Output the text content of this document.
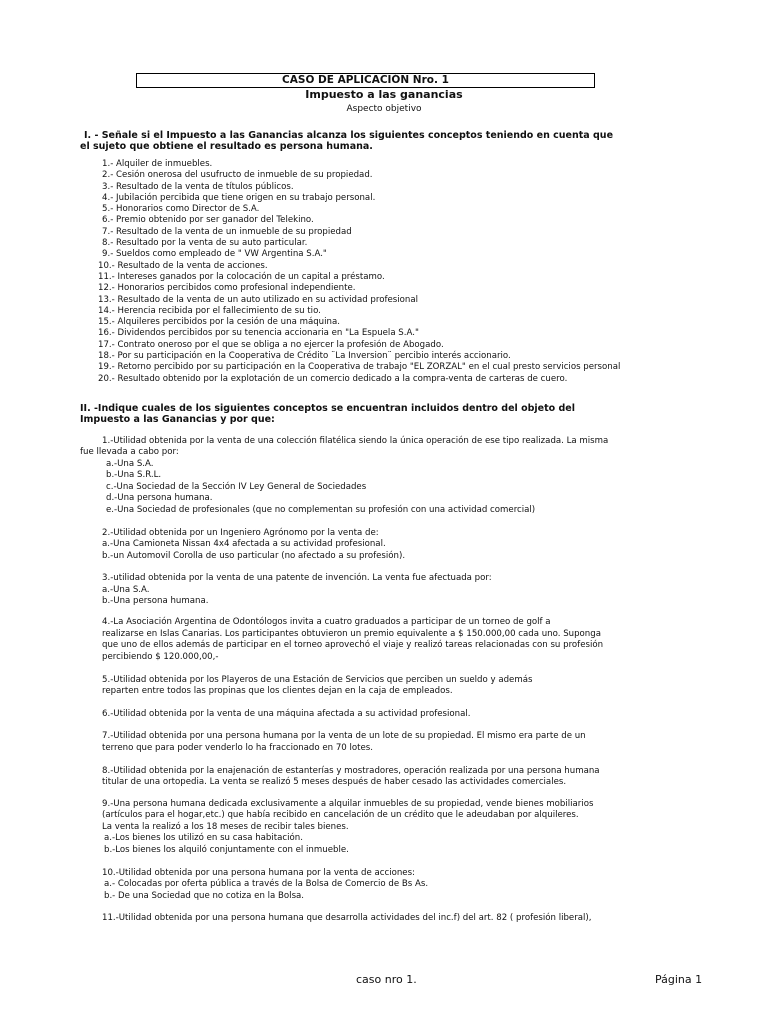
CASO DE APLICACIÓN Nro. 1
Impuesto a las ganancias
Aspecto objetivo
I. - Señale si el Impuesto a las Ganancias alcanza los siguientes conceptos teniendo en cuenta que
el sujeto que obtiene el resultado es persona humana.
1.- Alquiler de inmuebles.
2.- Cesión onerosa del usufructo de inmueble de su propiedad.
3.- Resultado de la venta de títulos públicos.
4.- Jubilación percibida que tiene origen en su trabajo personal.
5.- Honorarios como Director de S.A.
6.- Premio obtenido por ser ganador del Telekino.
7.- Resultado de la venta de un inmueble de su propiedad
8.- Resultado por la venta de su auto particular.
9.- Sueldos como empleado de " VW Argentina S.A."
10.- Resultado de la venta de acciones.
11.- Intereses ganados por la colocación de un capital a préstamo.
12.- Honorarios percibidos como profesional independiente.
13.- Resultado de la venta de un auto utilizado en su actividad profesional
14.- Herencia recibida por el fallecimiento de su tio.
15.- Alquileres percibidos por la cesión de una máquina.
16.- Dividendos percibidos por su tenencia accionaria en "La Espuela S.A."
17.- Contrato oneroso por el que se obliga a no ejercer la profesión de Abogado.
18.- Por su participación en la Cooperativa de Crédito ¨La Inversion¨ percibio interés accionario.
19.- Retorno percibido por su participación en la Cooperativa de trabajo "EL ZORZAL" en el cual presto servicios personal
20.- Resultado obtenido por la explotación de un comercio dedicado a la compra-venta de carteras de cuero.
II. -Indique cuales de los siguientes conceptos se encuentran incluidos dentro del objeto del
Impuesto a las Ganancias y por que:
1.-Utilidad obtenida por la venta de una colección filatélica siendo la única operación de ese tipo realizada. La misma
fue llevada a cabo por:
a.-Una S.A.
b.-Una S.R.L.
c.-Una Sociedad de la Sección IV Ley General de Sociedades
d.-Una persona humana.
e.-Una Sociedad de profesionales (que no complementan su profesión con una actividad comercial)
2.-Utilidad obtenida por un Ingeniero Agrónomo por la venta de:
a.-Una Camioneta Nissan 4x4 afectada a su actividad profesional.
b.-un Automovil Corolla de uso particular (no afectado a su profesión).
3.-utilidad obtenida por la venta de una patente de invención. La venta fue afectuada por:
a.-Una S.A.
b.-Una persona humana.
4.-La Asociación Argentina de Odontólogos invita a cuatro graduados a participar de un torneo de golf a
realizarse en Islas Canarias. Los participantes obtuvieron un premio equivalente a $ 150.000,00 cada uno. Suponga
que uno de ellos además de participar en el torneo aprovechó el viaje y realizó tareas relacionadas con su profesión
percibiendo $ 120.000,00,-
5.-Utilidad obtenida por los Playeros de una Estación de Servicios que perciben un sueldo y además
reparten entre todos las propinas que los clientes dejan en la caja de empleados.
6.-Utilidad obtenida por la venta de una máquina afectada a su actividad profesional.
7.-Utilidad obtenida por una persona humana por la venta de un lote de su propiedad. El mismo era parte de un
terreno que para poder venderlo lo ha fraccionado en 70 lotes.
8.-Utilidad obtenida por la enajenación de estanterías y mostradores, operación realizada por una persona humana
titular de una ortopedia. La venta se realizó 5 meses después de haber cesado las actividades comerciales.
9.-Una persona humana dedicada exclusivamente a alquilar inmuebles de su propiedad, vende bienes mobiliarios
(artículos para el hogar,etc.) que había recibido en cancelación de un crédito que le adeudaban por alquileres.
La venta la realizó a los 18 meses de recibir tales bienes.
a.-Los bienes los utilizó en su casa habitación.
b.-Los bienes los alquiló conjuntamente con el inmueble.
10.-Utilidad obtenida por una persona humana por la venta de acciones:
a.- Colocadas por oferta pública a través de la Bolsa de Comercio de Bs As.
b.- De una Sociedad que no cotiza en la Bolsa.
11.-Utilidad obtenida por una persona humana que desarrolla actividades del inc.f) del art. 82 ( profesión liberal),
caso nro 1.	Página 1
